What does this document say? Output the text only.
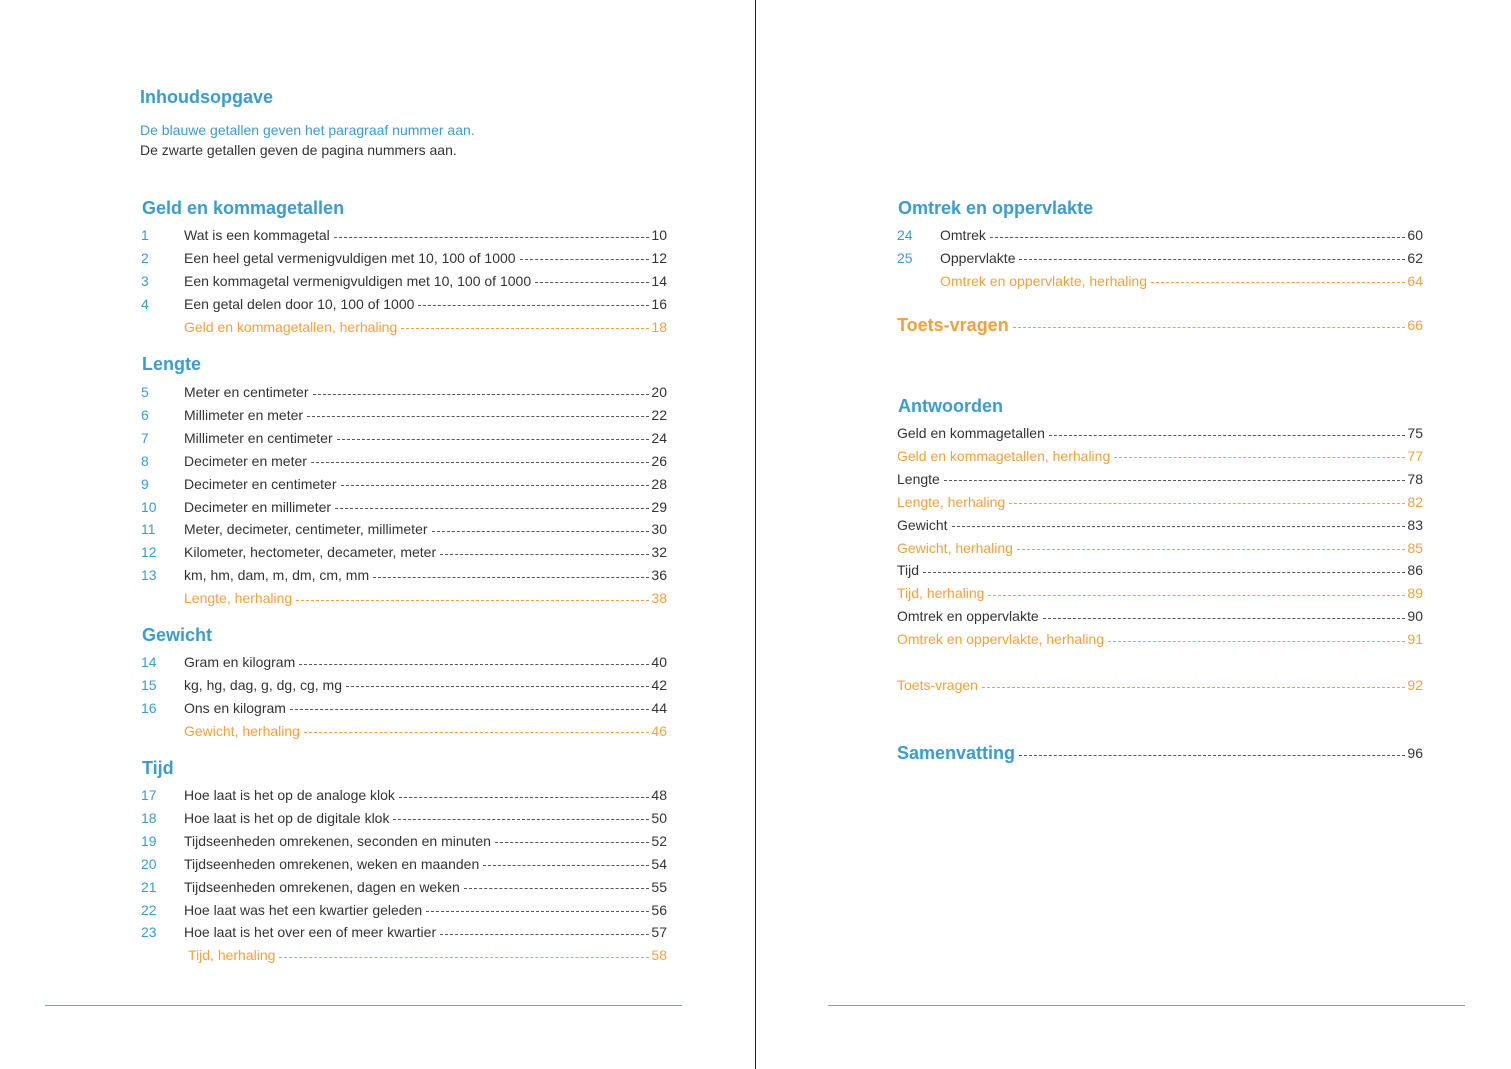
Inhoudsopgave
De blauwe getallen geven het paragraaf nummer aan.
De zwarte getallen geven de pagina nummers aan.
Geld en kommagetallen
1	Wat is een kommagetal	10
2	Een heel getal vermenigvuldigen met 10, 100 of 1000	12
3	Een kommagetal vermenigvuldigen met 10, 100 of 1000	14
4	Een getal delen door 10, 100 of 1000	16
Geld en kommagetallen, herhaling	18
Lengte
5	Meter en centimeter	20
6	Millimeter en meter	22
7	Millimeter en centimeter	24
8	Decimeter en meter	26
9	Decimeter en centimeter	28
10	Decimeter en millimeter	29
11	Meter, decimeter, centimeter, millimeter	30
12	Kilometer, hectometer, decameter, meter	32
13	km, hm, dam, m, dm, cm, mm	36
Lengte, herhaling	38
Gewicht
14	Gram en kilogram	40
15	kg, hg, dag, g, dg, cg, mg	42
16	Ons en kilogram	44
Gewicht, herhaling	46
Tijd
17	Hoe laat is het op de analoge klok	48
18	Hoe laat is het op de digitale klok	50
19	Tijdseenheden omrekenen, seconden en minuten	52
20	Tijdseenheden omrekenen, weken en maanden	54
21	Tijdseenheden omrekenen, dagen en weken	55
22	Hoe laat was het een kwartier geleden	56
23	Hoe laat is het over een of meer kwartier	57
Tijd, herhaling	58
Omtrek en oppervlakte
24	Omtrek	60
25	Oppervlakte	62
Omtrek en oppervlakte, herhaling	64
Toets-vragen	66
Antwoorden
Geld en kommagetallen	75
Geld en kommagetallen, herhaling	77
Lengte	78
Lengte, herhaling	82
Gewicht	83
Gewicht, herhaling	85
Tijd	86
Tijd, herhaling	89
Omtrek en oppervlakte	90
Omtrek en oppervlakte, herhaling	91
Toets-vragen	92
Samenvatting	96
